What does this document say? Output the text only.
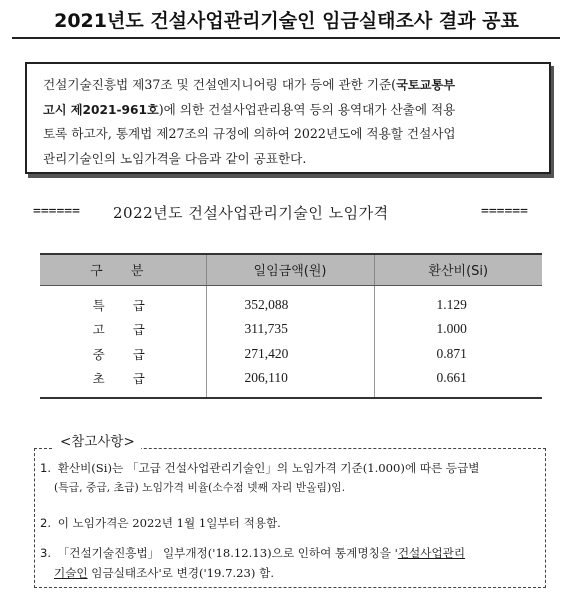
2021년도 건설사업관리기술인 임금실태조사 결과 공표
건설기술진흥법 제37조 및 건설엔지니어링 대가 등에 관한 기준(국토교통부
고시 제2021-961호)에 의한 건설사업관리용역 등의 용역대가 산출에 적용
토록 하고자, 통계법 제27조의 규정에 의하여 2022년도에 적용할 건설사업
관리기술인의 노임가격을 다음과 같이 공표한다.
====== 2022년도 건설사업관리기술인 노임가격	======
구 분	일임금액(원)	환산비(Si)
특급	352,088	1.129
고급	311,735	1.000
중급	271,420	0.871
초급	206,110	0.661
<참고사항>
1. 환산비(Si)는 「고급 건설사업관리기술인」의 노임가격 기준(1.000)에 따른 등급별
(특급, 중급, 초급) 노임가격 비율(소수점 넷째 자리 반올림)임.
2. 이 노임가격은 2022년 1월 1일부터 적용함.
3. 「건설기술진흥법」 일부개정('18.12.13)으로 인하여 통계명칭을 '건설사업관리
기술인 임금실태조사'로 변경('19.7.23) 함.
